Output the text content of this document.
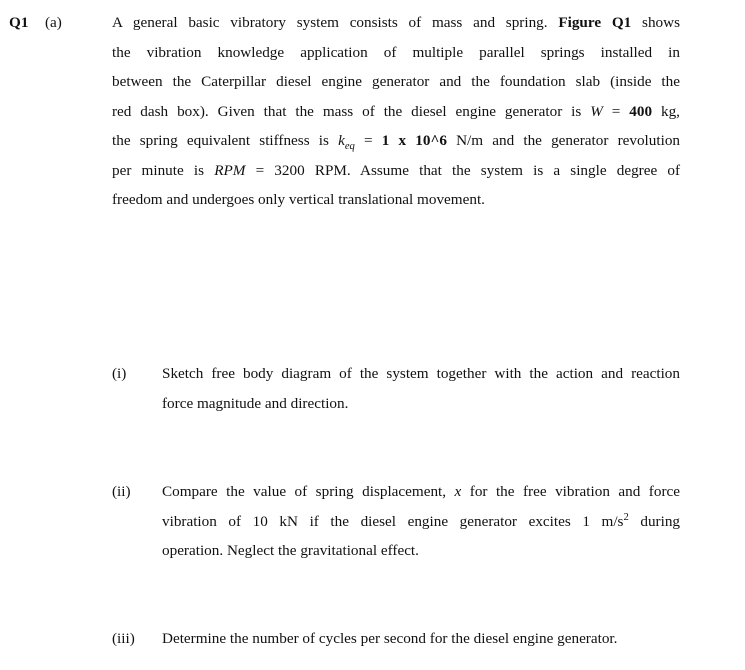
Q1 (a)	A general basic vibratory system consists of mass and spring. Figure Q1 shows
the vibration knowledge application of multiple parallel springs installed in
between the Caterpillar diesel engine generator and the foundation slab (inside the
red dash box). Given that the mass of the diesel engine generator is W = 400 kg,
the spring equivalent stiffness is $k_{eq} = 1$ x 10^6 N/m and the generator revolution
per minute is RPM = 3200 RPM. Assume that the system is a single degree of
freedom and undergoes only vertical translational movement.
(i) Sketch free body diagram of the system together with the action and reaction
force magnitude and direction.
(ii) Compare the value of spring displacement, x for the free vibration and force
vibration of 10 kN if the diesel engine generator excites 1 $m/s^2$ during
operation. Neglect the gravitational effect.
(iii) Determine the number of cycles per second for the diesel engine generator.
